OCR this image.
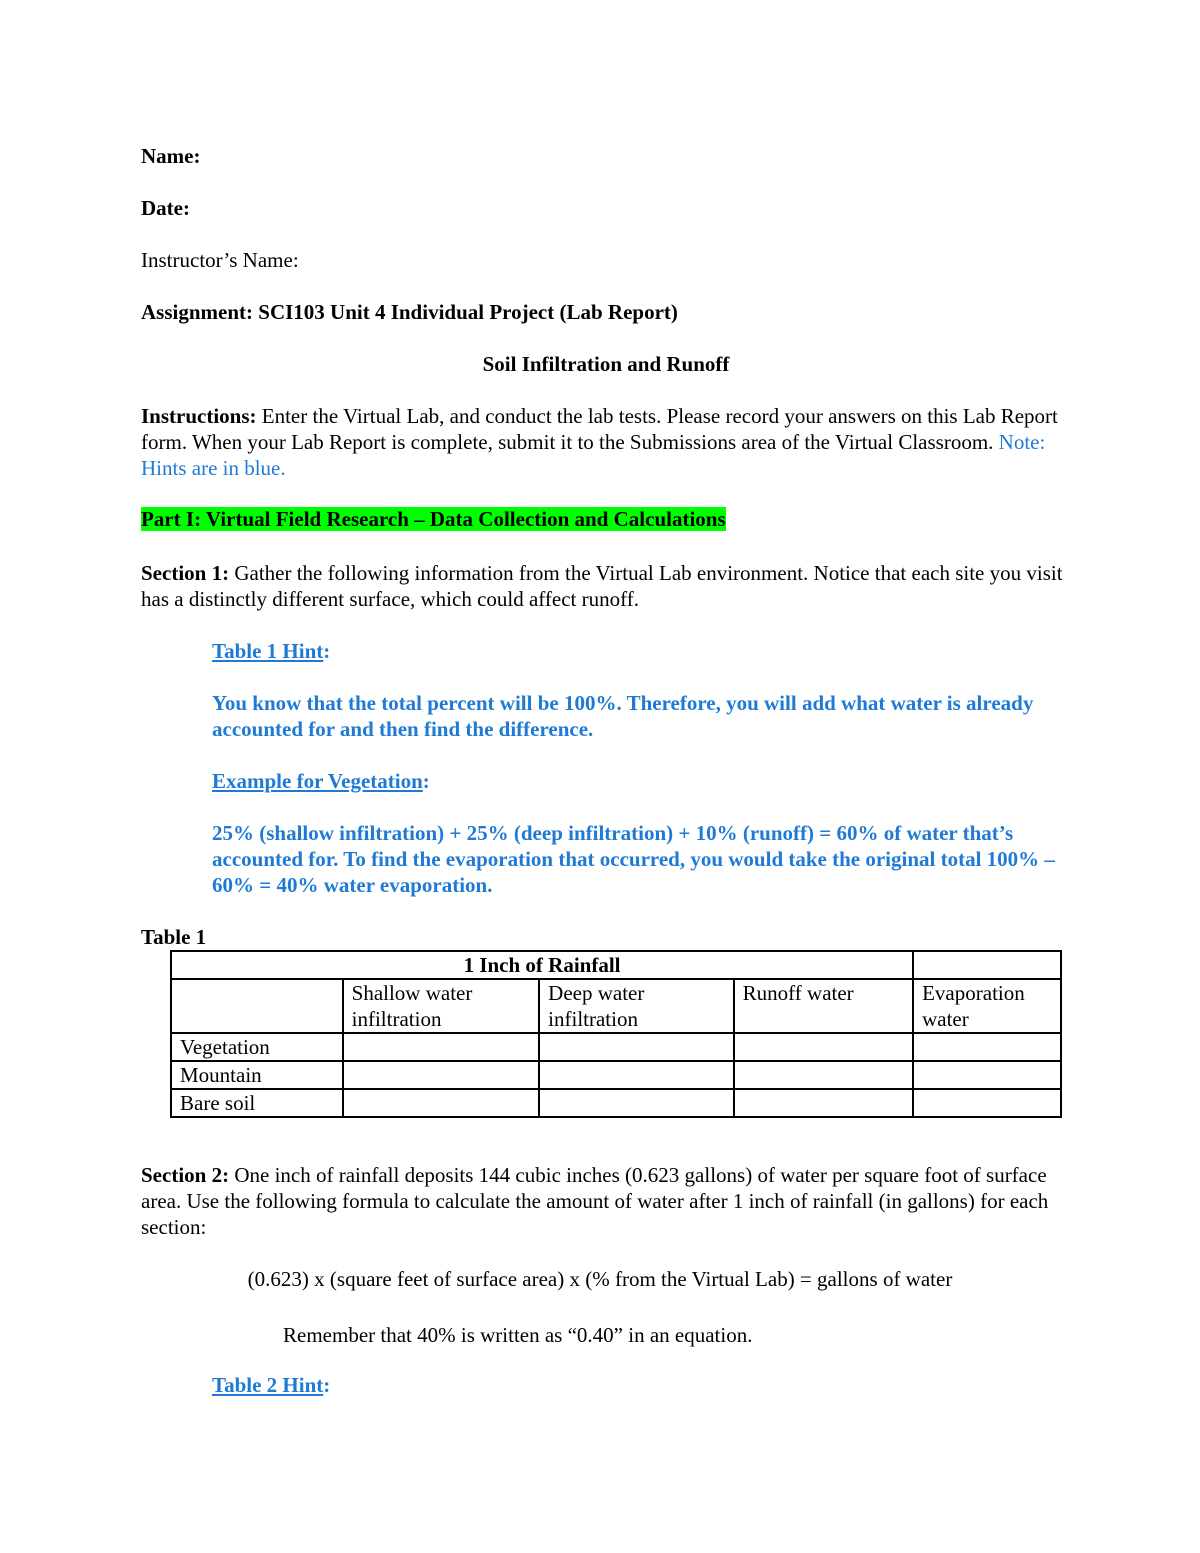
Name:

Date:

Instructor’s Name:

Assignment: SCI103 Unit 4 Individual Project (Lab Report)

Soil Infiltration and Runoff

Instructions: Enter the Virtual Lab, and conduct the lab tests. Please record your answers on this Lab Report form. When your Lab Report is complete, submit it to the Submissions area of the Virtual Classroom. Note: Hints are in blue.

Part I: Virtual Field Research – Data Collection and Calculations

Section 1: Gather the following information from the Virtual Lab environment. Notice that each site you visit has a distinctly different surface, which could affect runoff.

Table 1 Hint:

You know that the total percent will be 100%. Therefore, you will add what water is already accounted for and then find the difference.

Example for Vegetation:

25% (shallow infiltration) + 25% (deep infiltration) + 10% (runoff) = 60% of water that’s accounted for. To find the evaporation that occurred, you would take the original total 100% – 60% = 40% water evaporation.

Table 1

1 Inch of Rainfall				
	Shallow water infiltration	Deep water infiltration	Runoff water	Evaporation water
Vegetation				
Mountain				
Bare soil				

Section 2: One inch of rainfall deposits 144 cubic inches (0.623 gallons) of water per square foot of surface area. Use the following formula to calculate the amount of water after 1 inch of rainfall (in gallons) for each section:

(0.623) x (square feet of surface area) x (% from the Virtual Lab) = gallons of water

Remember that 40% is written as “0.40” in an equation.

Table 2 Hint:
